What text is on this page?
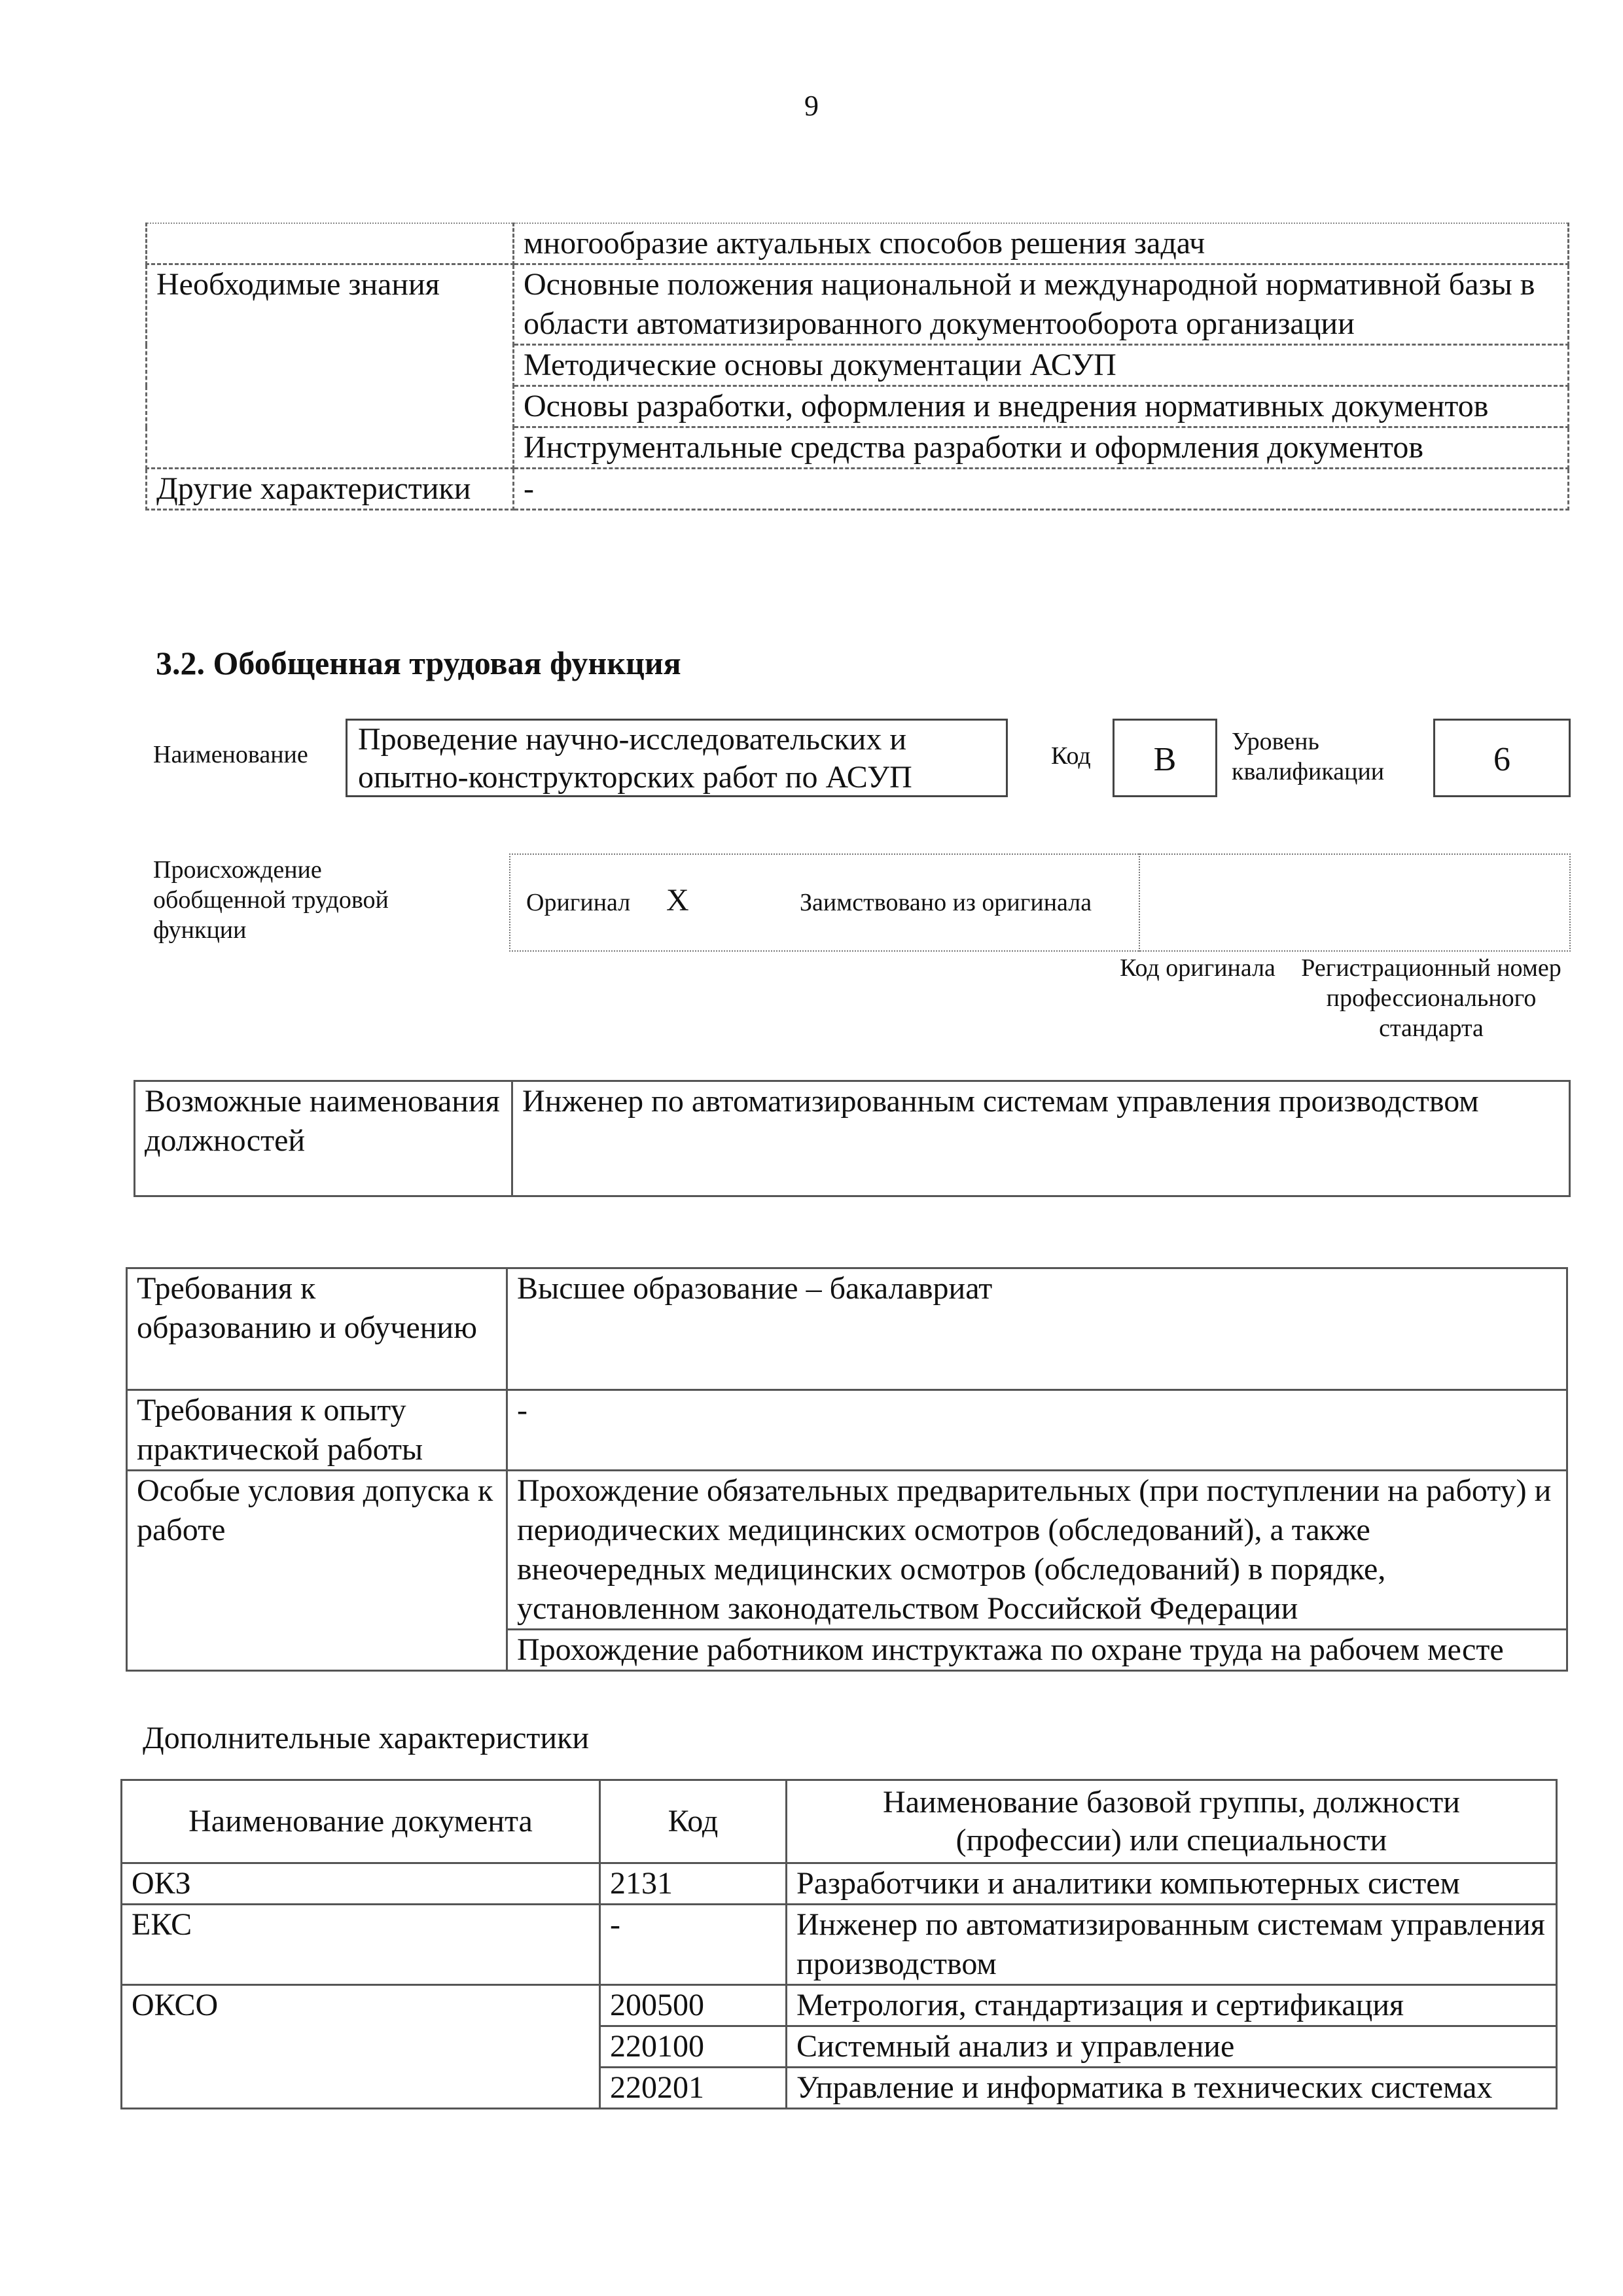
9
	многообразие актуальных способов решения задач
Необходимые знания	Основные положения национальной и международной нормативной базы в области автоматизированного документооборота организации
	Методические основы документации АСУП
	Основы разработки, оформления и внедрения нормативных документов
	Инструментальные средства разработки и оформления документов
Другие характеристики	-
3.2. Обобщенная трудовая функция
Наименование	Проведение научно-исследовательских и опытно-конструкторских работ по АСУП
Код	B	Уровень квалификации	6
Происхождение обобщенной трудовой функции
Оригинал X	Заимствовано из оригинала
Код оригинала Регистрационный номер профессионального стандарта
Возможные наименования должностей	Инженер по автоматизированным системам управления производством
Требования к образованию и обучению	Высшее образование – бакалавриат
Требования к опыту практической работы	-
Особые условия допуска к работе	Прохождение обязательных предварительных (при поступлении на работу) и периодических медицинских осмотров (обследований), а также внеочередных медицинских осмотров (обследований) в порядке, установленном законодательством Российской Федерации
	Прохождение работником инструктажа по охране труда на рабочем месте
Дополнительные характеристики
Наименование документа	Код	Наименование базовой группы, должности (профессии) или специальности
ОКЗ	2131	Разработчики и аналитики компьютерных систем
ЕКС	-	Инженер по автоматизированным системам управления производством
ОКСО	200500	Метрология, стандартизация и сертификация
	220100	Системный анализ и управление
	220201	Управление и информатика в технических системах
